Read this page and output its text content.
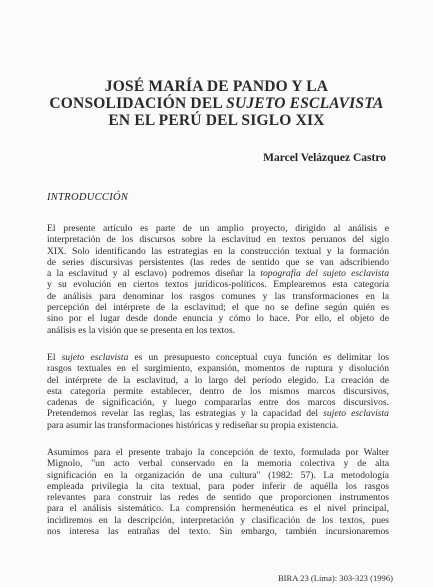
JOSÉ MARÍA DE PANDO Y LA
CONSOLIDACIÓN DEL SUJETO ESCLAVISTA
EN EL PERÚ DEL SIGLO XIX
Marcel Velázquez Castro
INTRODUCCIÓN
El presente artículo es parte de un amplio proyecto, dirigido al análisis e
interpretación de los discursos sobre la esclavitud en textos peruanos del siglo
XIX. Solo identificando las estrategias en la construcción textual y la formación
de series discursivas persistentes (las redes de sentido que se van adscribiendo
a la esclavitud y al esclavo) podremos diseñar la topografía del sujeto esclavista
y su evolución en ciertos textos jurídicos-políticos. Emplearemos esta categoría
de análisis para denominar los rasgos comunes y las transformaciones en la
percepción del intérprete de la esclavitud; el que no se define según quién es
sino por el lugar desde donde enuncia y cómo lo hace. Por ello, el objeto de
análisis es la visión que se presenta en los textos.
El sujeto esclavista es un presupuesto conceptual cuya función es delimitar los
rasgos textuales en el surgimiento, expansión, momentos de ruptura y disolución
del intérprete de la esclavitud, a lo largo del período elegido. La creación de
esta categoría permite establecer, dentro de los mismos marcos discursivos,
cadenas de significación, y luego compararlas entre dos marcos discursivos.
Pretendemos revelar las reglas, las estrategias y la capacidad del sujeto esclavista
para asumir las transformaciones históricas y rediseñar su propia existencia.
Asumimos para el presente trabajo la concepción de texto, formulada por Walter
Mignolo, "un acto verbal conservado en la memoria colectiva y de alta
significación en la organización de una cultura" (1982: 57). La metodología
empleada privilegia la cita textual, para poder inferir de aquélla los rasgos
relevantes para construir las redes de sentido que proporcionen instrumentos
para el análisis sistemático. La comprensión hermenéutica es el nivel principal,
incidiremos en la descripción, interpretación y clasificación de los textos, pues
nos interesa las entrañas del texto. Sin embargo, también incursionaremos
BIRA 23 (Lima): 303-323 (1996)
